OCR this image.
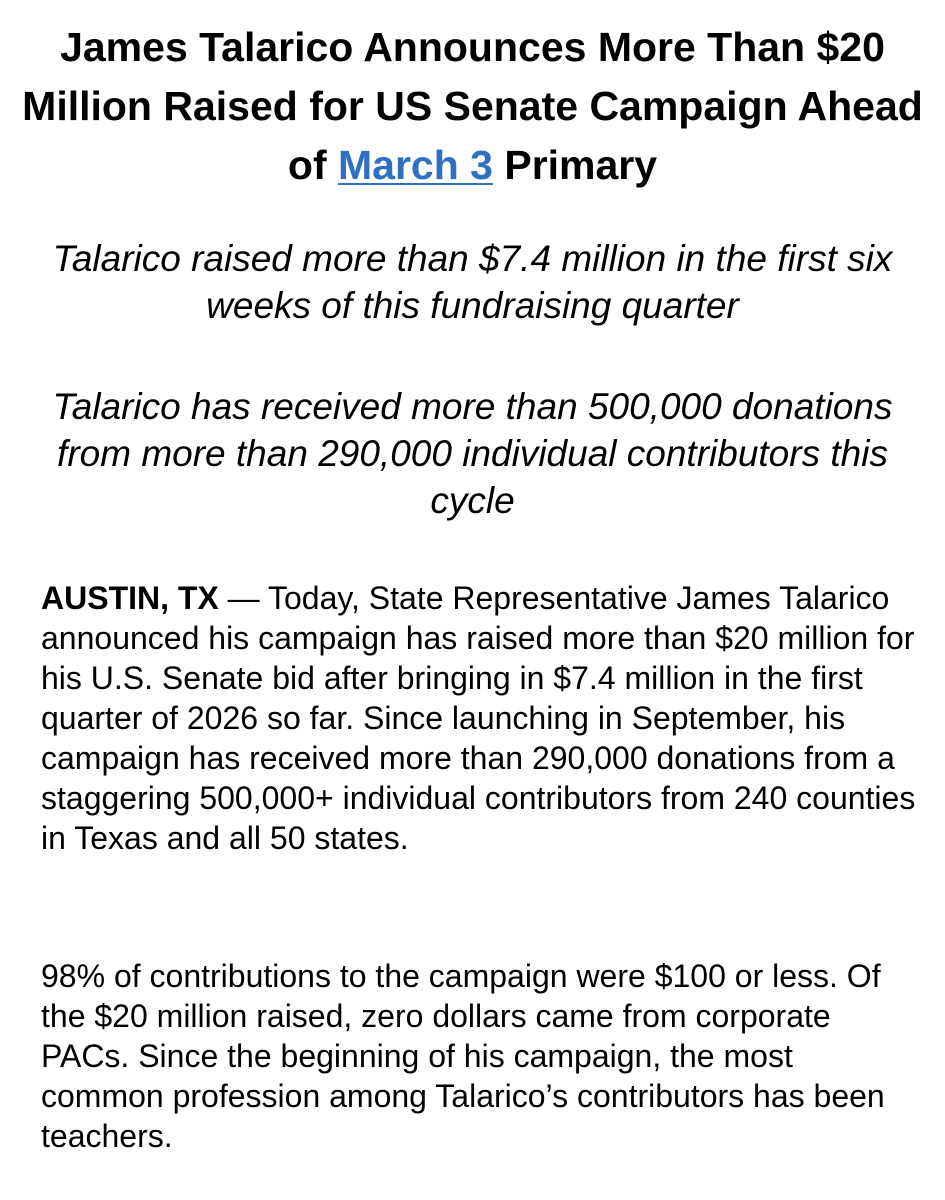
James Talarico Announces More Than $20 Million Raised for US Senate Campaign Ahead of March 3 Primary

Talarico raised more than $7.4 million in the first six weeks of this fundraising quarter

Talarico has received more than 500,000 donations from more than 290,000 individual contributors this cycle

AUSTIN, TX — Today, State Representative James Talarico announced his campaign has raised more than $20 million for his U.S. Senate bid after bringing in $7.4 million in the first quarter of 2026 so far. Since launching in September, his campaign has received more than 290,000 donations from a staggering 500,000+ individual contributors from 240 counties in Texas and all 50 states.

98% of contributions to the campaign were $100 or less. Of the $20 million raised, zero dollars came from corporate PACs. Since the beginning of his campaign, the most common profession among Talarico’s contributors has been teachers.
